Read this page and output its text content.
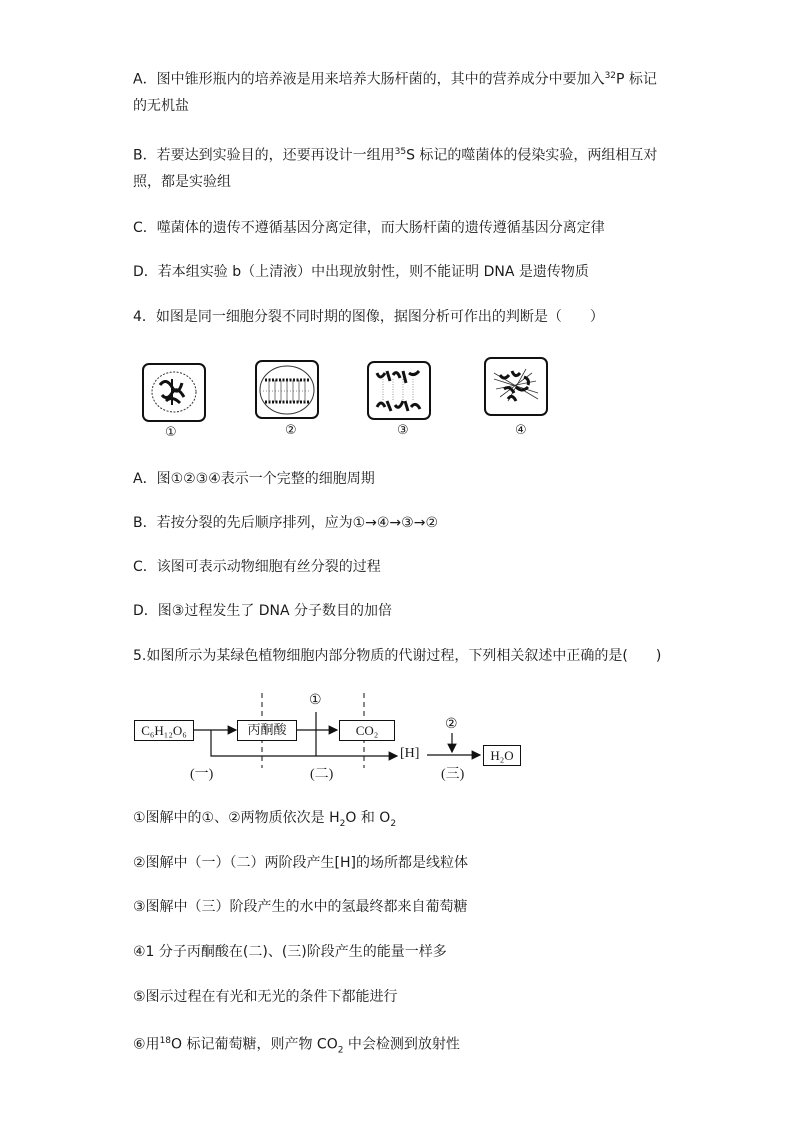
A．图中锥形瓶内的培养液是用来培养大肠杆菌的，其中的营养成分中要加入$^{32}$P 标记
的无机盐
B．若要达到实验目的，还要再设计一组用$^{35}$S 标记的噬菌体的侵染实验，两组相互对
照，都是实验组
C．噬菌体的遗传不遵循基因分离定律，而大肠杆菌的遗传遵循基因分离定律
D．若本组实验 b（上清液）中出现放射性，则不能证明 DNA 是遗传物质
4．如图是同一细胞分裂不同时期的图像，据图分析可作出的判断是（　　）
①	②	③	④
A．图①②③④表示一个完整的细胞周期
B．若按分裂的先后顺序排列，应为①→④→③→②
C．该图可表示动物细胞有丝分裂的过程
D．图③过程发生了 DNA 分子数目的加倍
5.如图所示为某绿色植物细胞内部分物质的代谢过程，下列相关叙述中正确的是(　　)
C₆H₁₂O₆	丙酮酸	CO₂
H₂O
[H]
①
②
(一)	(二)	(三)
①图解中的①、②两物质依次是 $H_2O$ 和 $O_2$
②图解中（一）（二）两阶段产生[H]的场所都是线粒体
③图解中（三）阶段产生的水中的氢最终都来自葡萄糖
④1 分子丙酮酸在(二)、(三)阶段产生的能量一样多
⑤图示过程在有光和无光的条件下都能进行
⑥用$^{18}$O 标记葡萄糖，则产物 $CO_2$ 中会检测到放射性
